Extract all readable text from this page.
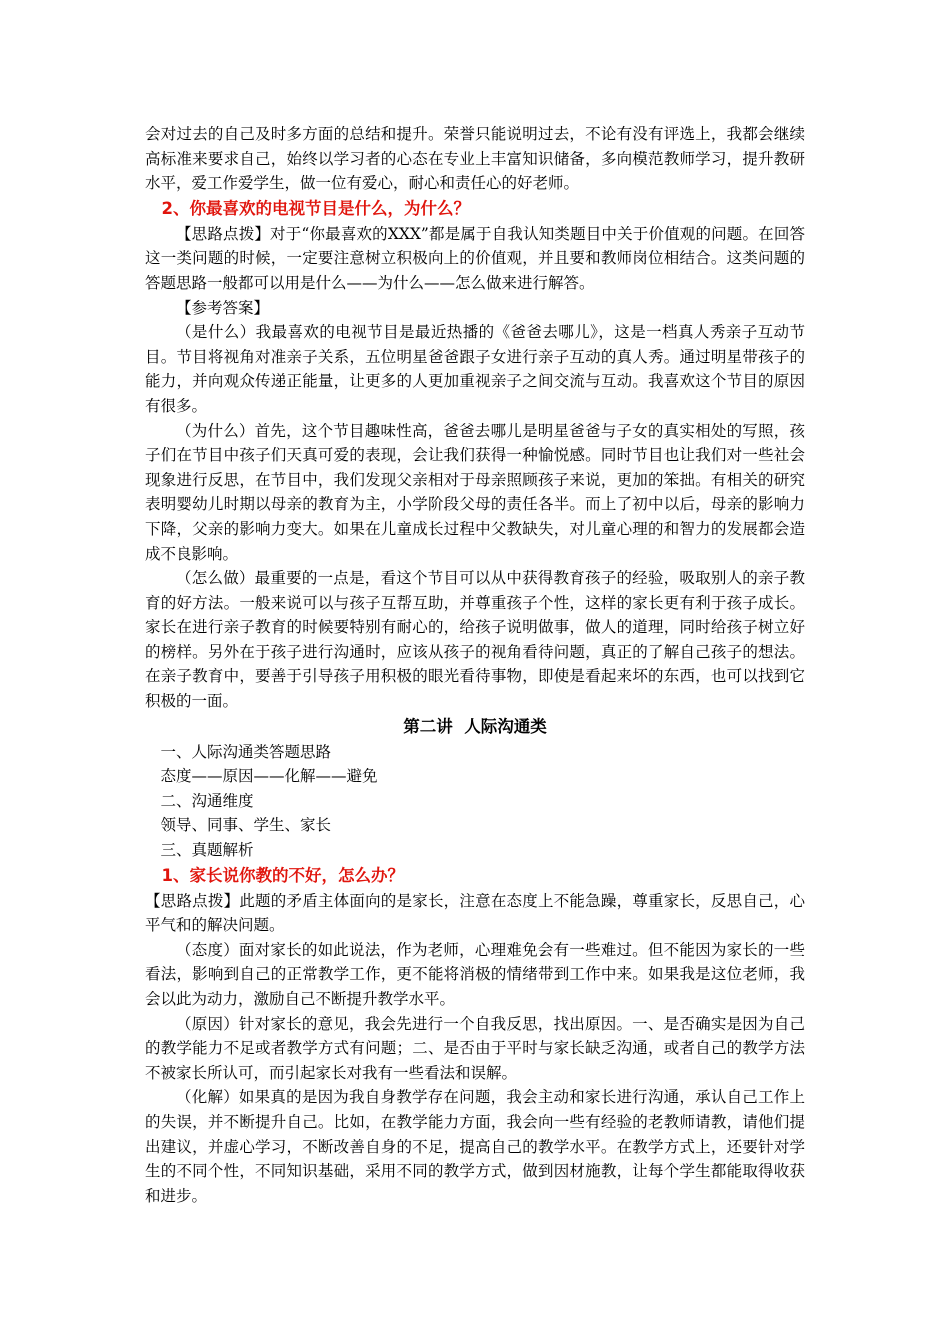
会对过去的自己及时多方面的总结和提升。荣誉只能说明过去，不论有没有评选上，我都会继续高标准来要求自己，始终以学习者的心态在专业上丰富知识储备，多向模范教师学习，提升教研水平，爱工作爱学生，做一位有爱心，耐心和责任心的好老师。

2、你最喜欢的电视节目是什么，为什么？

【思路点拨】对于“你最喜欢的XXX”都是属于自我认知类题目中关于价值观的问题。在回答这一类问题的时候，一定要注意树立积极向上的价值观，并且要和教师岗位相结合。这类问题的答题思路一般都可以用是什么——为什么——怎么做来进行解答。

【参考答案】

（是什么）我最喜欢的电视节目是最近热播的《爸爸去哪儿》，这是一档真人秀亲子互动节目。节目将视角对准亲子关系，五位明星爸爸跟子女进行亲子互动的真人秀。通过明星带孩子的能力，并向观众传递正能量，让更多的人更加重视亲子之间交流与互动。我喜欢这个节目的原因有很多。

（为什么）首先，这个节目趣味性高，爸爸去哪儿是明星爸爸与子女的真实相处的写照，孩子们在节目中孩子们天真可爱的表现，会让我们获得一种愉悦感。同时节目也让我们对一些社会现象进行反思，在节目中，我们发现父亲相对于母亲照顾孩子来说，更加的笨拙。有相关的研究表明婴幼儿时期以母亲的教育为主，小学阶段父母的责任各半。而上了初中以后，母亲的影响力下降，父亲的影响力变大。如果在儿童成长过程中父教缺失，对儿童心理的和智力的发展都会造成不良影响。

（怎么做）最重要的一点是，看这个节目可以从中获得教育孩子的经验，吸取别人的亲子教育的好方法。一般来说可以与孩子互帮互助，并尊重孩子个性，这样的家长更有利于孩子成长。家长在进行亲子教育的时候要特别有耐心的，给孩子说明做事，做人的道理，同时给孩子树立好的榜样。另外在于孩子进行沟通时，应该从孩子的视角看待问题，真正的了解自己孩子的想法。在亲子教育中，要善于引导孩子用积极的眼光看待事物，即使是看起来坏的东西，也可以找到它积极的一面。

第二讲  人际沟通类

一、人际沟通类答题思路

态度——原因——化解——避免

二、沟通维度

领导、同事、学生、家长

三、真题解析

1、家长说你教的不好，怎么办？

【思路点拨】此题的矛盾主体面向的是家长，注意在态度上不能急躁，尊重家长，反思自己，心平气和的解决问题。

（态度）面对家长的如此说法，作为老师，心理难免会有一些难过。但不能因为家长的一些看法，影响到自己的正常教学工作，更不能将消极的情绪带到工作中来。如果我是这位老师，我会以此为动力，激励自己不断提升教学水平。

（原因）针对家长的意见，我会先进行一个自我反思，找出原因。一、是否确实是因为自己的教学能力不足或者教学方式有问题；二、是否由于平时与家长缺乏沟通，或者自己的教学方法不被家长所认可，而引起家长对我有一些看法和误解。

（化解）如果真的是因为我自身教学存在问题，我会主动和家长进行沟通，承认自己工作上的失误，并不断提升自己。比如，在教学能力方面，我会向一些有经验的老教师请教，请他们提出建议，并虚心学习，不断改善自身的不足，提高自己的教学水平。在教学方式上，还要针对学生的不同个性，不同知识基础，采用不同的教学方式，做到因材施教，让每个学生都能取得收获和进步。
